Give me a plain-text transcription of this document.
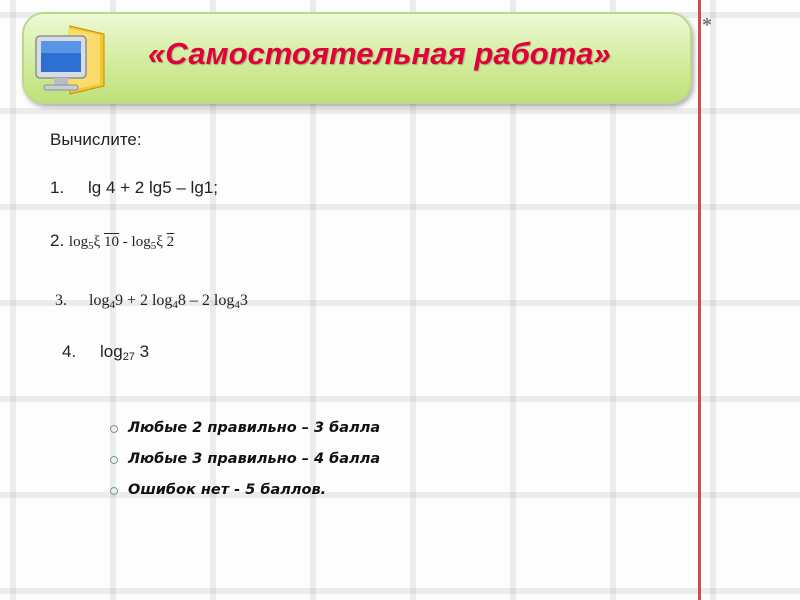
*
«Самостоятельная работа»
Вычислите:
1. lg 4 + 2 lg5 – lg1;
2. $\log_5\xi$ $10 - \log_5\xi$ 2
3. $\log_49 + 2$ $\log_48 - 2$ $\log_43$
4. $\log_{27} 3$
Любые 2 правильно – 3 балла
Любые 3 правильно – 4 балла
Ошибок нет - 5 баллов.
